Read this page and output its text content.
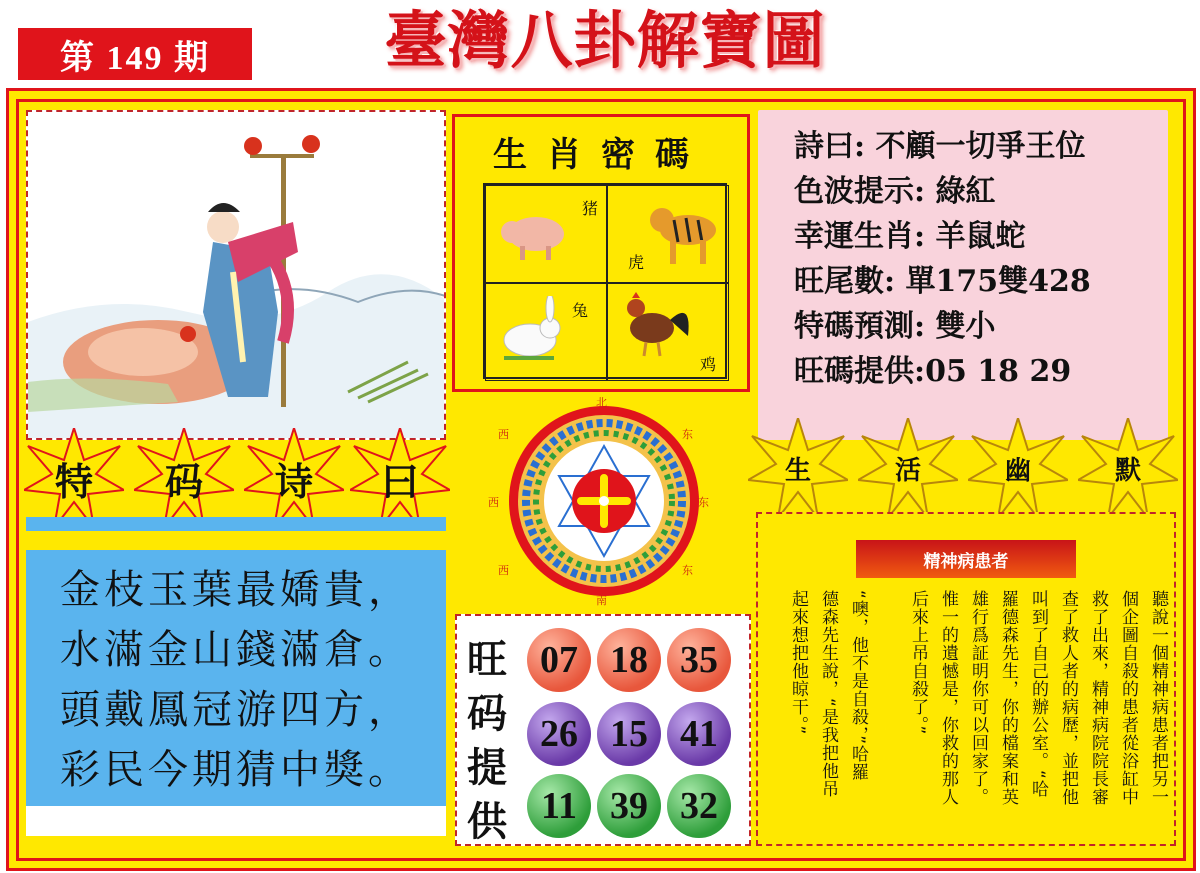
第 149 期	臺灣八卦解寶圖
特	码	诗	曰
金枝玉葉最嬌貴，
水滿金山錢滿倉。
頭戴鳳冠游四方，
彩民今期猜中獎。
生肖密碼
猪
虎
兔
鸡
詩曰: 不顧一切爭王位
色波提示: 綠紅
幸運生肖: 羊鼠蛇
旺尾數: 單175雙428
特碼預測: 雙小
旺碼提供:05 18 29
北
东
南
西
西	东
西	东
旺
码
提
供
07 18 35
26 15 41
11 39 32
生	活	幽	默
精神病患者
聽說一個精神病患者把另一
個企圖自殺的患者從浴缸中
救了出來，精神病院院長審
查了救人者的病歷，並把他
叫到了自己的辦公室。“哈
羅德森先生，你的檔案和英
雄行爲証明你可以回家了。
惟一的遺憾是，你救的那人
后來上吊自殺了。”
“噢，他不是自殺，”哈羅
德森先生說，“是我把他吊
起來想把他晾干。”
